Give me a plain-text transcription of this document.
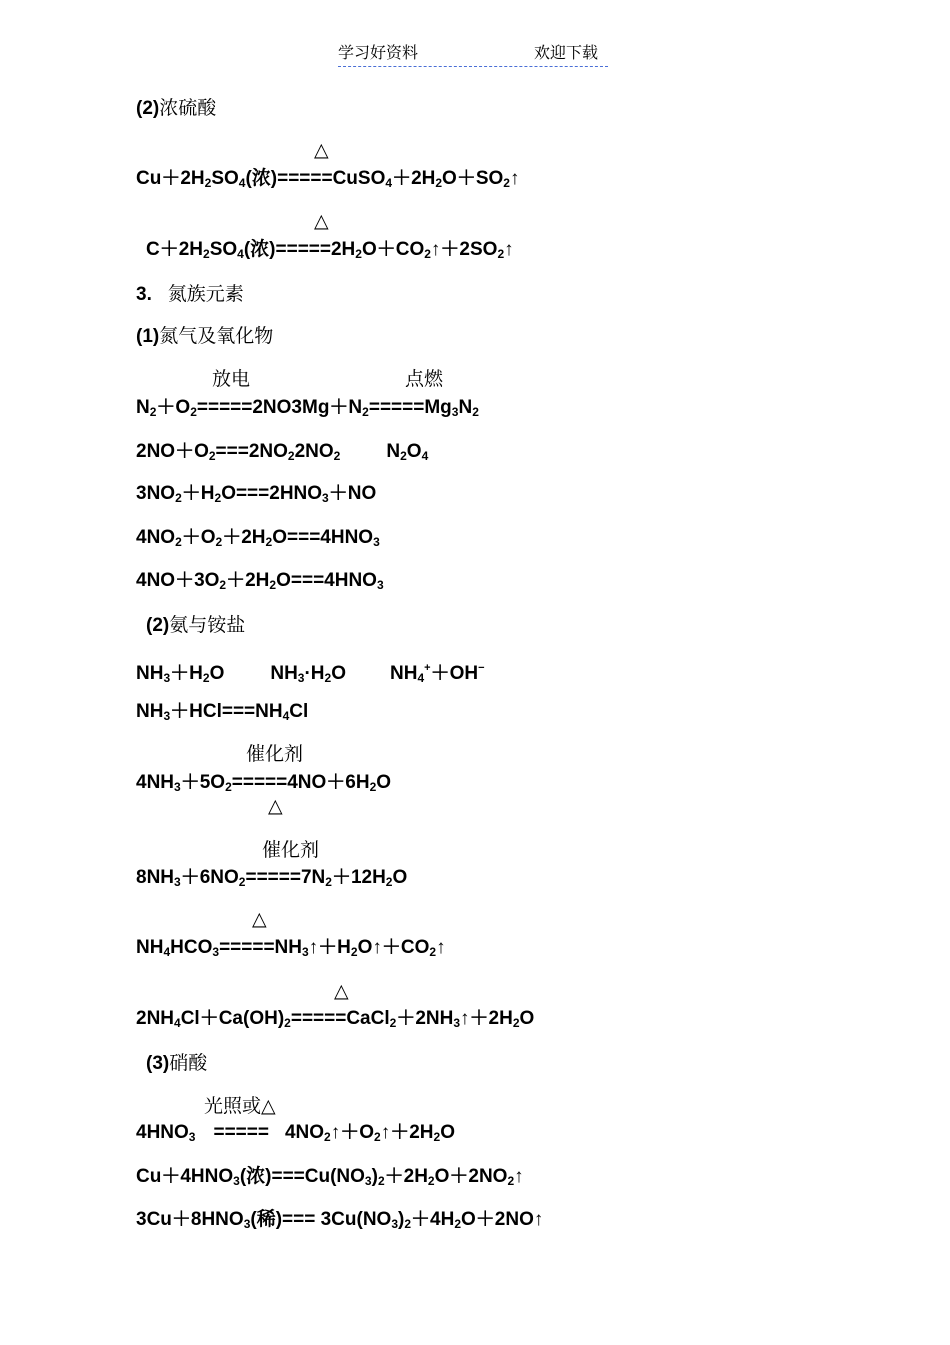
学习好资料	欢迎下载
(2)浓硫酸
△
$Cu+2H_2SO_4$(浓)$=====CuSO_4+2H_2O+SO_2↑$
△
$C+2H_2SO_4$(浓)$=====2H_2O+CO_2↑+2SO_2↑$
3. 氮族元素
(1)氮气及氧化物
放电	点燃
$N_2+O_2=====2NO3Mg+N_2=====Mg_3N_2$
$2NO+O_2===2NO_22NO_2$ $N_2O_4$
$3NO_2+H_2O===2HNO_3+NO$
$4NO_2+O_2+2H_2O===4HNO_3$
$4NO+3O_2+2H_2O===4HNO_3$
(2)氨与铵盐
$NH_3+H_2O$ $NH_3\cdot H_2O$ $NH_4^++OH^-$
$NH_3+HCl===NH_4Cl$
催化剂
$4NH_3+5O_2=====4NO+6H_2O$
△
催化剂
$8NH_3+6NO_2=====7N_2+12H_2O$
△
$NH_4HCO_3=====NH_3↑+H_2O↑+CO_2↑$
△
$2NH_4Cl+Ca(OH)_2=====CaCl_2+2NH_3↑+2H_2O$
(3)硝酸
光照或△
$4HNO_3$ ===== $4NO_2↑+O_2↑+2H_2O$
$Cu+4HNO_3$(浓)$===Cu(NO_3)_2+2H_2O+2NO_2↑$
$3Cu+8HNO_3$(稀)=== $3Cu(NO_3)_2+4H_2O+2NO↑$
